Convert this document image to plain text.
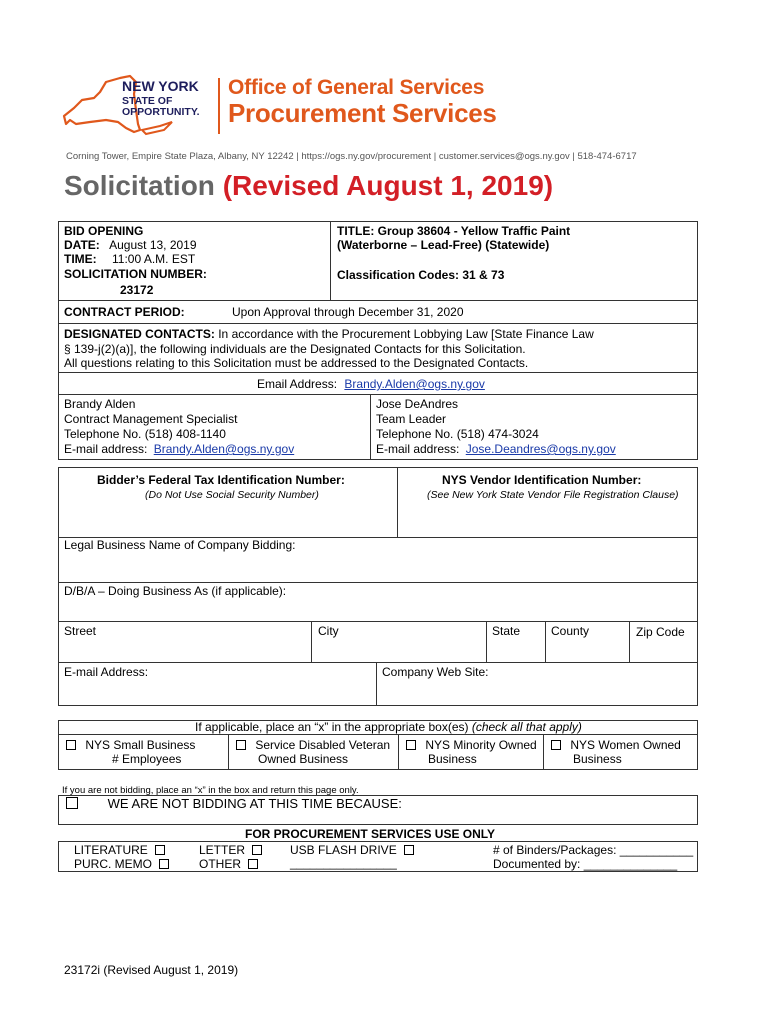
NEW YORK
STATE OF
OPPORTUNITY.
Office of General Services
Procurement Services
Corning Tower, Empire State Plaza, Albany, NY 12242 | https://ogs.ny.gov/procurement | customer.services@ogs.ny.gov | 518-474-6717
Solicitation (Revised August 1, 2019)
BID OPENING
DATE: August 13, 2019
TIME: 11:00 A.M. EST
SOLICITATION NUMBER:
23172
TITLE: Group 38604 - Yellow Traffic Paint
(Waterborne – Lead-Free) (Statewide)
Classification Codes: 31 & 73
CONTRACT PERIOD:	Upon Approval through December 31, 2020
DESIGNATED CONTACTS: In accordance with the Procurement Lobbying Law [State Finance Law
§ 139-j(2)(a)], the following individuals are the Designated Contacts for this Solicitation.
All questions relating to this Solicitation must be addressed to the Designated Contacts.
Email Address: Brandy.Alden@ogs.ny.gov
Brandy Alden
Contract Management Specialist
Telephone No. (518) 408-1140
E-mail address: Brandy.Alden@ogs.ny.gov
Jose DeAndres
Team Leader
Telephone No. (518) 474-3024
E-mail address: Jose.Deandres@ogs.ny.gov
Bidder’s Federal Tax Identification Number:
(Do Not Use Social Security Number)
NYS Vendor Identification Number:
(See New York State Vendor File Registration Clause)
Legal Business Name of Company Bidding:
D/B/A – Doing Business As (if applicable):
Street	City	State	County	Zip Code
E-mail Address:	Company Web Site:
If applicable, place an “x” in the appropriate box(es) (check all that apply)
NYS Small Business
# Employees
Service Disabled Veteran
Owned Business
NYS Minority Owned
Business
NYS Women Owned
Business
If you are not bidding, place an “x” in the box and return this page only.
WE ARE NOT BIDDING AT THIS TIME BECAUSE:
FOR PROCUREMENT SERVICES USE ONLY
LITERATURE
PURC. MEMO
LETTER
OTHER
USB FLASH DRIVE
________________
# of Binders/Packages: ___________
Documented by: ______________
23172i (Revised August 1, 2019)
